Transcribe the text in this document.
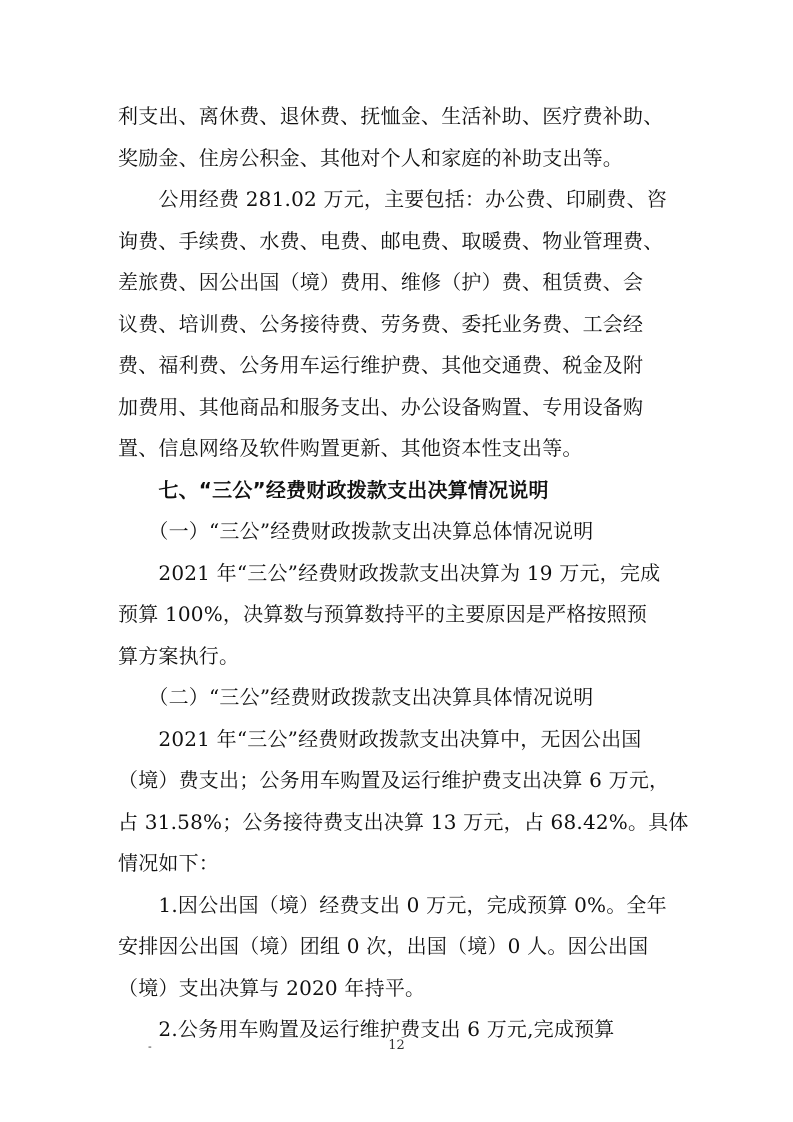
利支出、离休费、退休费、抚恤金、生活补助、医疗费补助、
奖励金、住房公积金、其他对个人和家庭的补助支出等。
　　公用经费 281.02 万元，主要包括：办公费、印刷费、咨
询费、手续费、水费、电费、邮电费、取暖费、物业管理费、
差旅费、因公出国（境）费用、维修（护）费、租赁费、会
议费、培训费、公务接待费、劳务费、委托业务费、工会经
费、福利费、公务用车运行维护费、其他交通费、税金及附
加费用、其他商品和服务支出、办公设备购置、专用设备购
置、信息网络及软件购置更新、其他资本性支出等。
　　七、“三公”经费财政拨款支出决算情况说明
　　（一）“三公”经费财政拨款支出决算总体情况说明
　　2021 年“三公”经费财政拨款支出决算为 19 万元，完成
预算 100%，决算数与预算数持平的主要原因是严格按照预
算方案执行。
　　（二）“三公”经费财政拨款支出决算具体情况说明
　　2021 年“三公”经费财政拨款支出决算中，无因公出国
（境）费支出；公务用车购置及运行维护费支出决算 6 万元，
占 31.58%；公务接待费支出决算 13 万元，占 68.42%。具体
情况如下：
　　1.因公出国（境）经费支出 0 万元，完成预算 0%。全年
安排因公出国（境）团组 0 次，出国（境）0 人。因公出国
（境）支出决算与 2020 年持平。
　　2.公务用车购置及运行维护费支出 6 万元,完成预算
-	12
